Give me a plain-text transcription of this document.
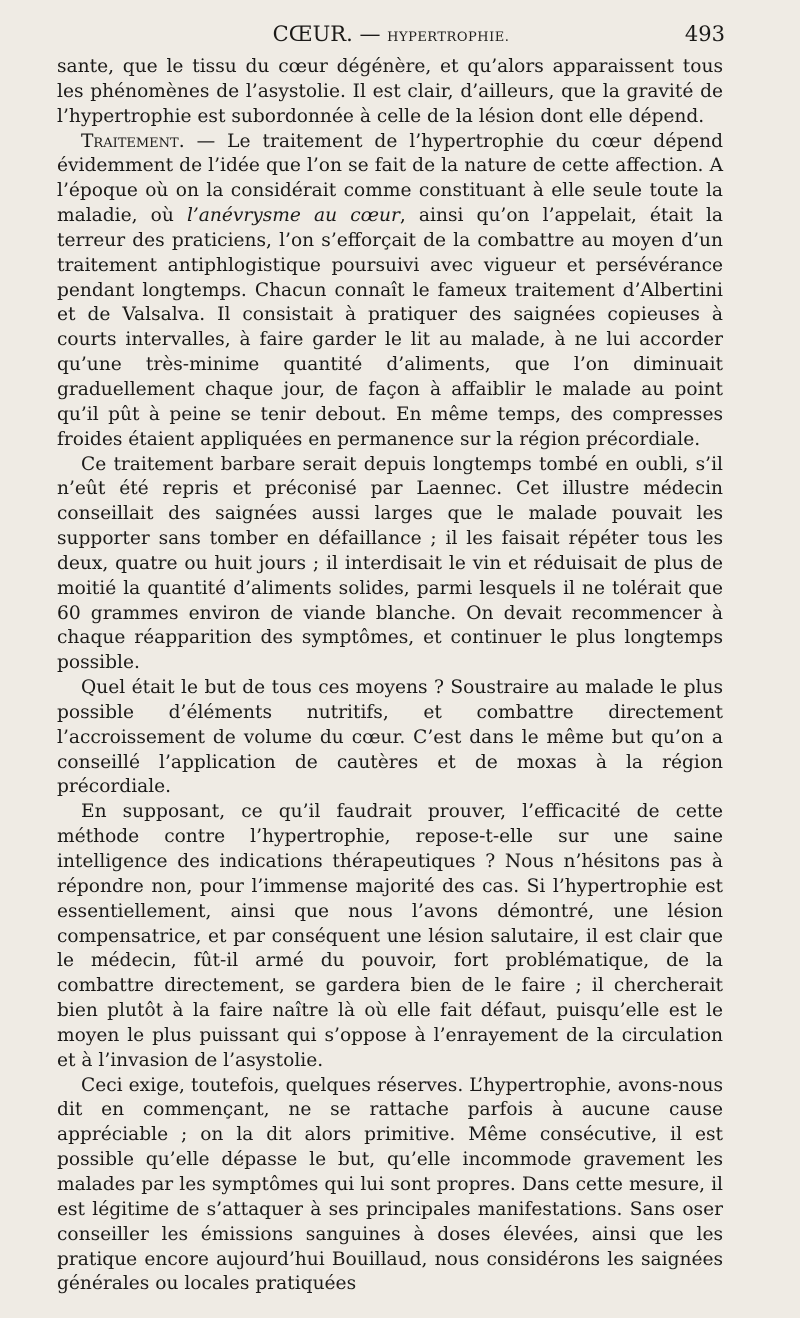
CŒUR. — HYPERTROPHIE.	493

sante, que le tissu du cœur dégénère, et qu’alors apparaissent tous les phénomènes de l’asystolie. Il est clair, d’ailleurs, que la gravité de l’hypertrophie est subordonnée à celle de la lésion dont elle dépend.

Traitement. — Le traitement de l’hypertrophie du cœur dépend évidemment de l’idée que l’on se fait de la nature de cette affection. A l’époque où on la considérait comme constituant à elle seule toute la maladie, où l’anévrysme au cœur, ainsi qu’on l’appelait, était la terreur des praticiens, l’on s’efforçait de la combattre au moyen d’un traitement antiphlogistique poursuivi avec vigueur et persévérance pendant longtemps. Chacun connaît le fameux traitement d’Albertini et de Valsalva. Il consistait à pratiquer des saignées copieuses à courts intervalles, à faire garder le lit au malade, à ne lui accorder qu’une très-minime quantité d’aliments, que l’on diminuait graduellement chaque jour, de façon à affaiblir le malade au point qu’il pût à peine se tenir debout. En même temps, des compresses froides étaient appliquées en permanence sur la région précordiale.

Ce traitement barbare serait depuis longtemps tombé en oubli, s’il n’eût été repris et préconisé par Laennec. Cet illustre médecin conseillait des saignées aussi larges que le malade pouvait les supporter sans tomber en défaillance ; il les faisait répéter tous les deux, quatre ou huit jours ; il interdisait le vin et réduisait de plus de moitié la quantité d’aliments solides, parmi lesquels il ne tolérait que 60 grammes environ de viande blanche. On devait recommencer à chaque réapparition des symptômes, et continuer le plus longtemps possible.

Quel était le but de tous ces moyens ? Soustraire au malade le plus possible d’éléments nutritifs, et combattre directement l’accroissement de volume du cœur. C’est dans le même but qu’on a conseillé l’application de cautères et de moxas à la région précordiale.

En supposant, ce qu’il faudrait prouver, l’efficacité de cette méthode contre l’hypertrophie, repose-t-elle sur une saine intelligence des indications thérapeutiques ? Nous n’hésitons pas à répondre non, pour l’immense majorité des cas. Si l’hypertrophie est essentiellement, ainsi que nous l’avons démontré, une lésion compensatrice, et par conséquent une lésion salutaire, il est clair que le médecin, fût-il armé du pouvoir, fort problématique, de la combattre directement, se gardera bien de le faire ; il chercherait bien plutôt à la faire naître là où elle fait défaut, puisqu’elle est le moyen le plus puissant qui s’oppose à l’enrayement de la circulation et à l’invasion de l’asystolie.

Ceci exige, toutefois, quelques réserves. L’hypertrophie, avons-nous dit en commençant, ne se rattache parfois à aucune cause appréciable ; on la dit alors primitive. Même consécutive, il est possible qu’elle dépasse le but, qu’elle incommode gravement les malades par les symptômes qui lui sont propres. Dans cette mesure, il est légitime de s’attaquer à ses principales manifestations. Sans oser conseiller les émissions sanguines à doses élevées, ainsi que les pratique encore aujourd’hui Bouillaud, nous considérons les saignées générales ou locales pratiquées
